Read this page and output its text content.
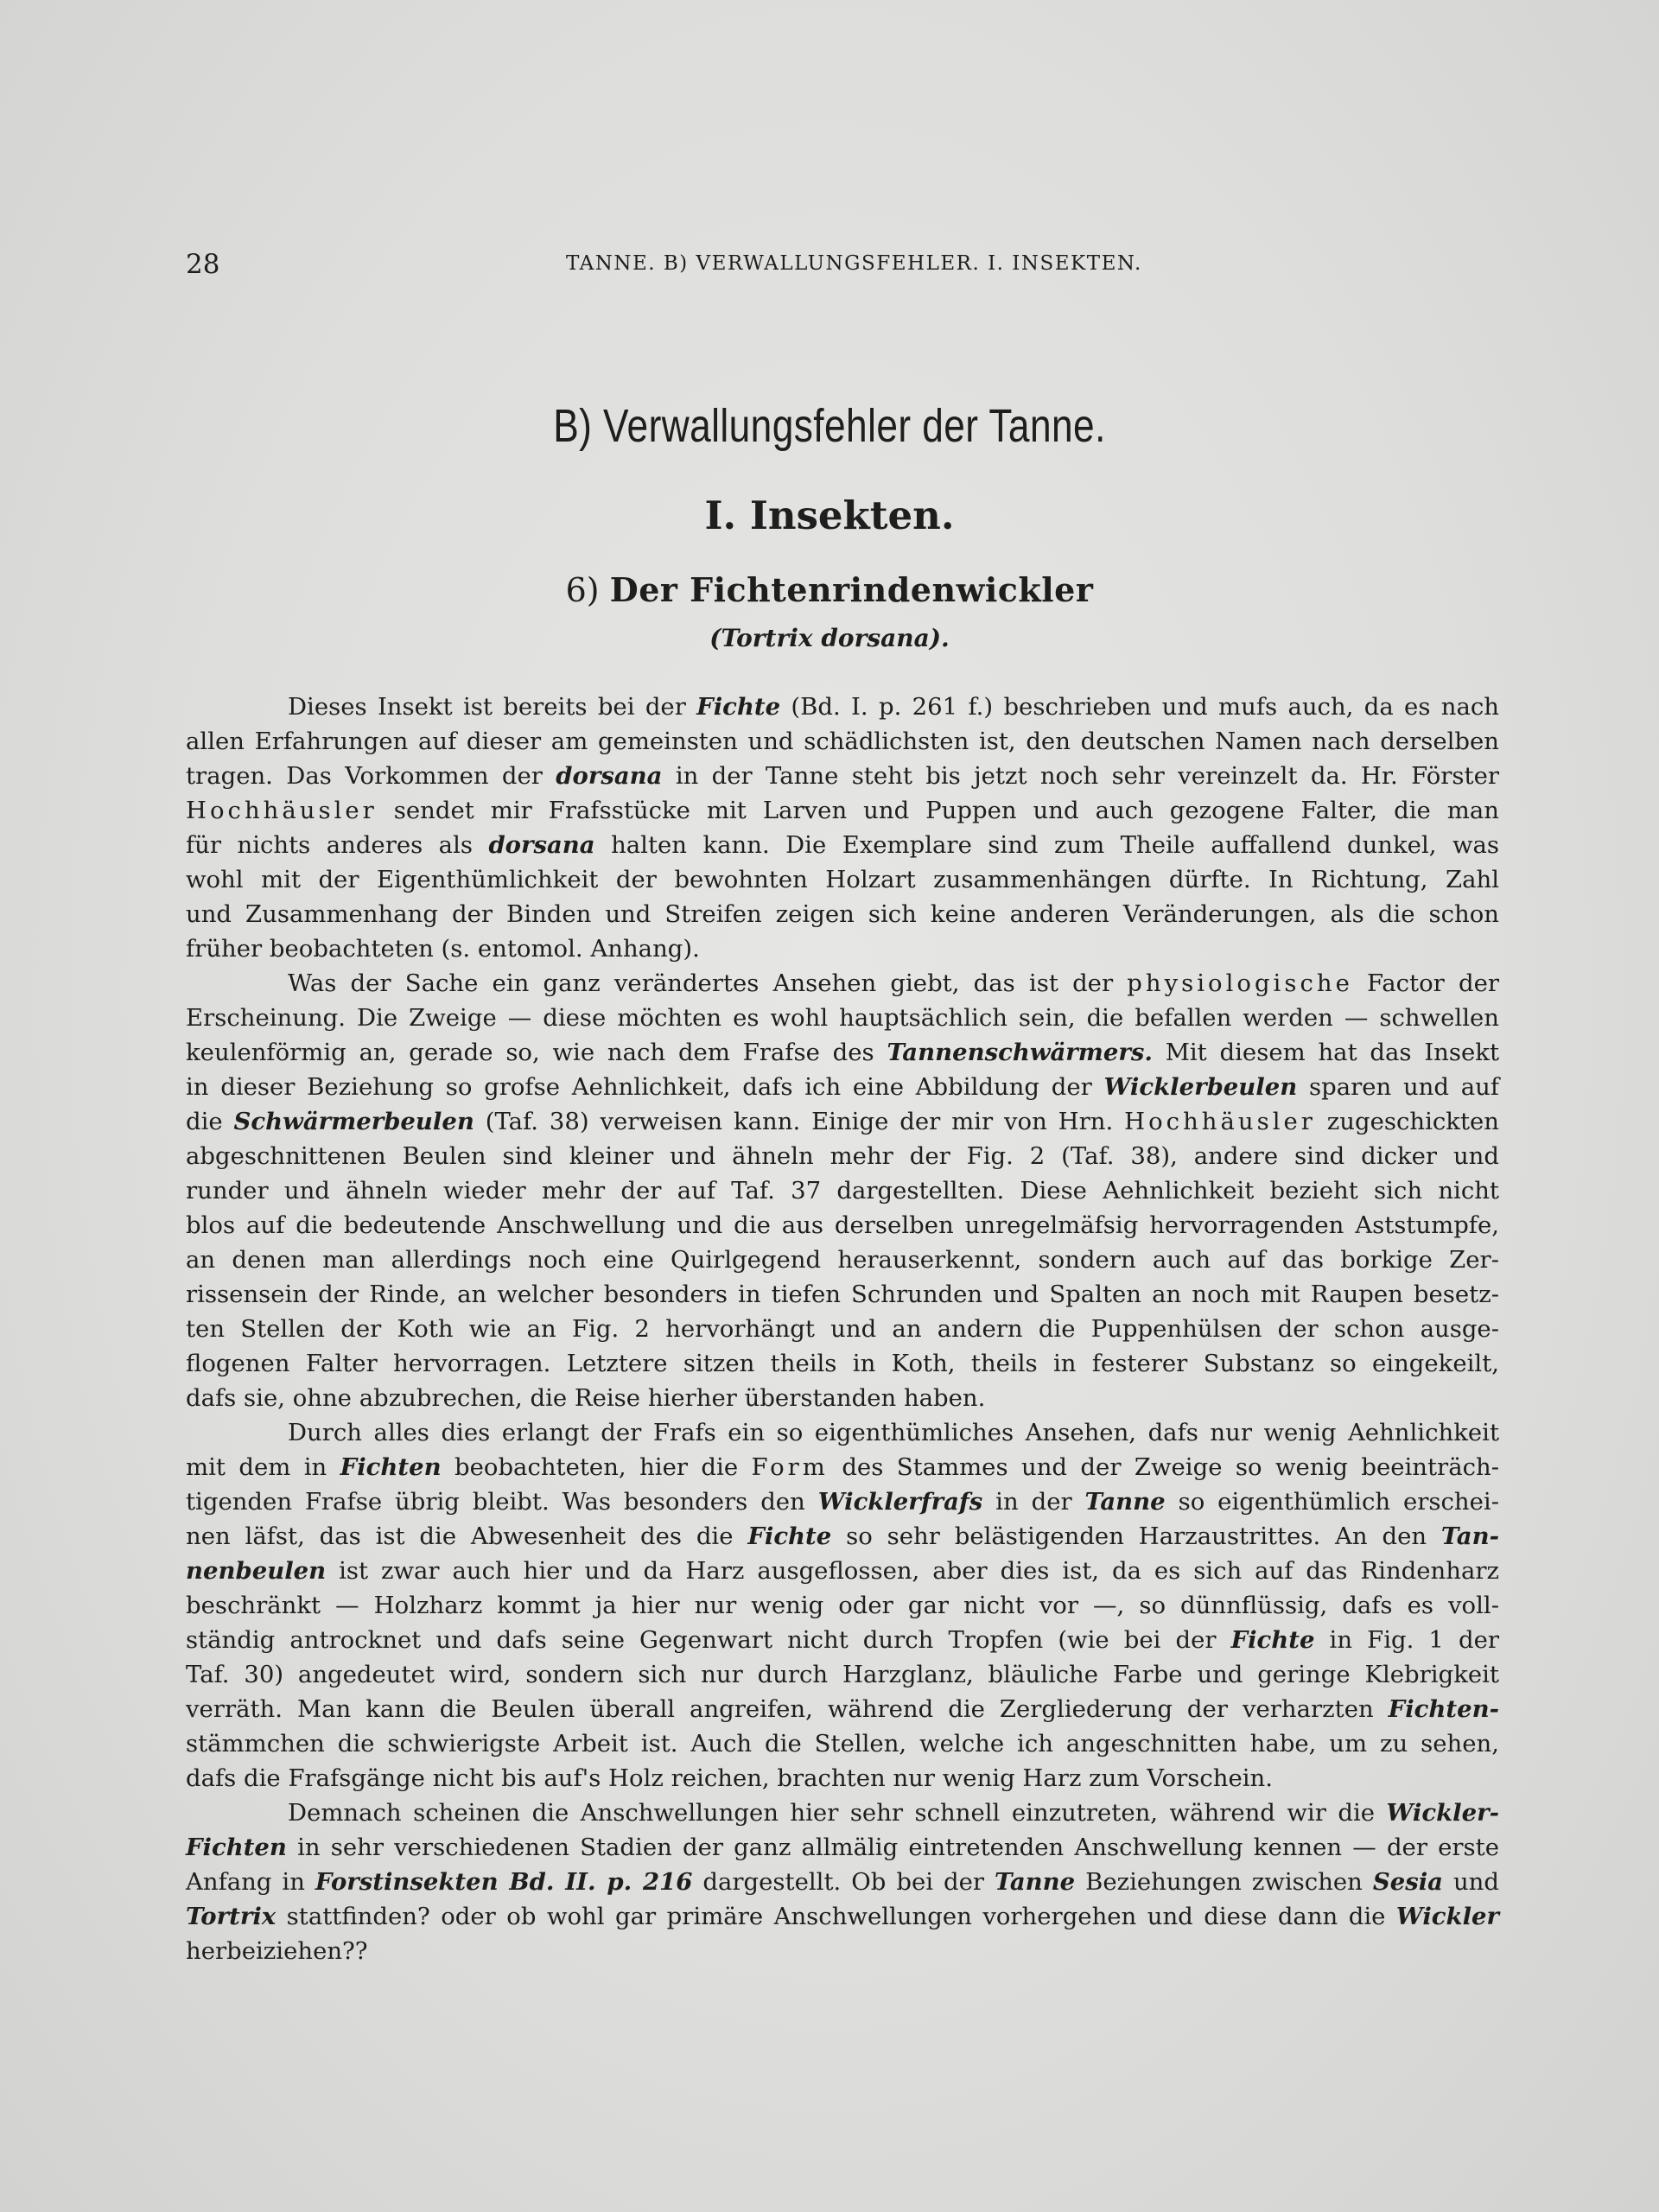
28	TANNE. B) VERWALLUNGSFEHLER. I. INSEKTEN.
B) Verwallungsfehler der Tanne.
I. Insekten.
6) Der Fichtenrindenwickler
(Tortrix dorsana).
Dieses Insekt ist bereits bei der Fichte (Bd. I. p. 261 f.) beschrieben und mufs auch, da es nach
allen Erfahrungen auf dieser am gemeinsten und schädlichsten ist, den deutschen Namen nach derselben
tragen. Das Vorkommen der dorsana in der Tanne steht bis jetzt noch sehr vereinzelt da. Hr. Förster
Hochhäusler sendet mir Frafsstücke mit Larven und Puppen und auch gezogene Falter, die man
für nichts anderes als dorsana halten kann. Die Exemplare sind zum Theile auffallend dunkel, was
wohl mit der Eigenthümlichkeit der bewohnten Holzart zusammenhängen dürfte. In Richtung, Zahl
und Zusammenhang der Binden und Streifen zeigen sich keine anderen Veränderungen, als die schon
früher beobachteten (s. entomol. Anhang).
Was der Sache ein ganz verändertes Ansehen giebt, das ist der physiologische Factor der
Erscheinung. Die Zweige — diese möchten es wohl hauptsächlich sein, die befallen werden — schwellen
keulenförmig an, gerade so, wie nach dem Frafse des Tannenschwärmers. Mit diesem hat das Insekt
in dieser Beziehung so grofse Aehnlichkeit, dafs ich eine Abbildung der Wicklerbeulen sparen und auf
die Schwärmerbeulen (Taf. 38) verweisen kann. Einige der mir von Hrn. Hochhäusler zugeschickten
abgeschnittenen Beulen sind kleiner und ähneln mehr der Fig. 2 (Taf. 38), andere sind dicker und
runder und ähneln wieder mehr der auf Taf. 37 dargestellten. Diese Aehnlichkeit bezieht sich nicht
blos auf die bedeutende Anschwellung und die aus derselben unregelmäfsig hervorragenden Aststumpfe,
an denen man allerdings noch eine Quirlgegend herauserkennt, sondern auch auf das borkige Zer-
rissensein der Rinde, an welcher besonders in tiefen Schrunden und Spalten an noch mit Raupen besetz-
ten Stellen der Koth wie an Fig. 2 hervorhängt und an andern die Puppenhülsen der schon ausge-
flogenen Falter hervorragen. Letztere sitzen theils in Koth, theils in festerer Substanz so eingekeilt,
dafs sie, ohne abzubrechen, die Reise hierher überstanden haben.
Durch alles dies erlangt der Frafs ein so eigenthümliches Ansehen, dafs nur wenig Aehnlichkeit
mit dem in Fichten beobachteten, hier die Form des Stammes und der Zweige so wenig beeinträch-
tigenden Frafse übrig bleibt. Was besonders den Wicklerfrafs in der Tanne so eigenthümlich erschei-
nen läfst, das ist die Abwesenheit des die Fichte so sehr belästigenden Harzaustrittes. An den Tan-
nenbeulen ist zwar auch hier und da Harz ausgeflossen, aber dies ist, da es sich auf das Rindenharz
beschränkt — Holzharz kommt ja hier nur wenig oder gar nicht vor —, so dünnflüssig, dafs es voll-
ständig antrocknet und dafs seine Gegenwart nicht durch Tropfen (wie bei der Fichte in Fig. 1 der
Taf. 30) angedeutet wird, sondern sich nur durch Harzglanz, bläuliche Farbe und geringe Klebrigkeit
verräth. Man kann die Beulen überall angreifen, während die Zergliederung der verharzten Fichten-
stämmchen die schwierigste Arbeit ist. Auch die Stellen, welche ich angeschnitten habe, um zu sehen,
dafs die Frafsgänge nicht bis auf's Holz reichen, brachten nur wenig Harz zum Vorschein.
Demnach scheinen die Anschwellungen hier sehr schnell einzutreten, während wir die Wickler-
Fichten in sehr verschiedenen Stadien der ganz allmälig eintretenden Anschwellung kennen — der erste
Anfang in Forstinsekten Bd. II. p. 216 dargestellt. Ob bei der Tanne Beziehungen zwischen Sesia und
Tortrix stattfinden? oder ob wohl gar primäre Anschwellungen vorhergehen und diese dann die Wickler
herbeiziehen??
